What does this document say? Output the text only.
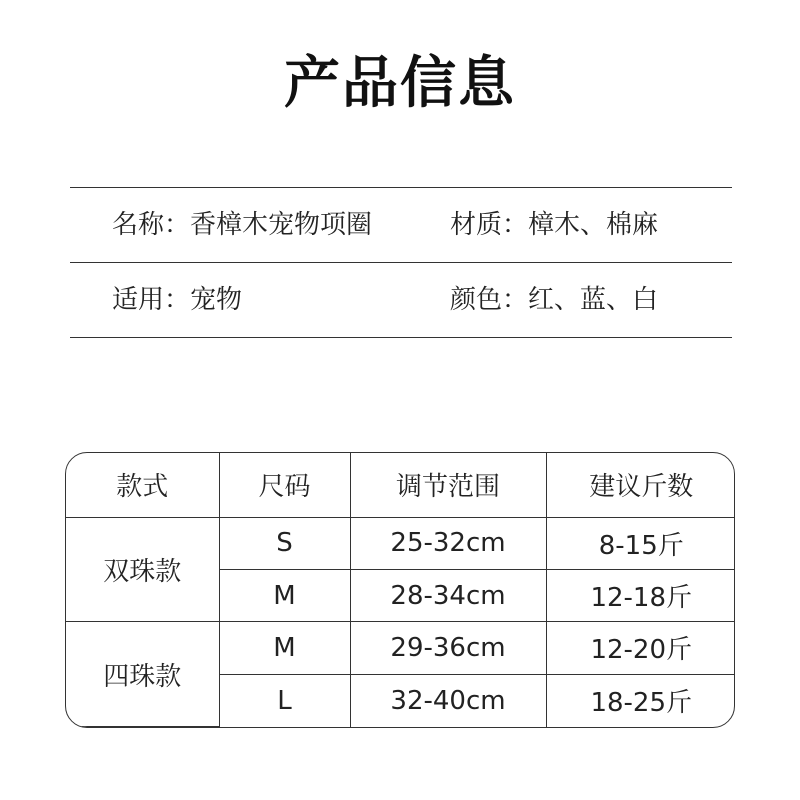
产品信息
名称：香樟木宠物项圈	材质：樟木、棉麻
适用：宠物	颜色：红、蓝、白
款式	尺码	调节范围	建议斤数
双珠款	S	25-32cm	8-15斤
	M	28-34cm	12-18斤
四珠款	M	29-36cm	12-20斤
	L	32-40cm	18-25斤
